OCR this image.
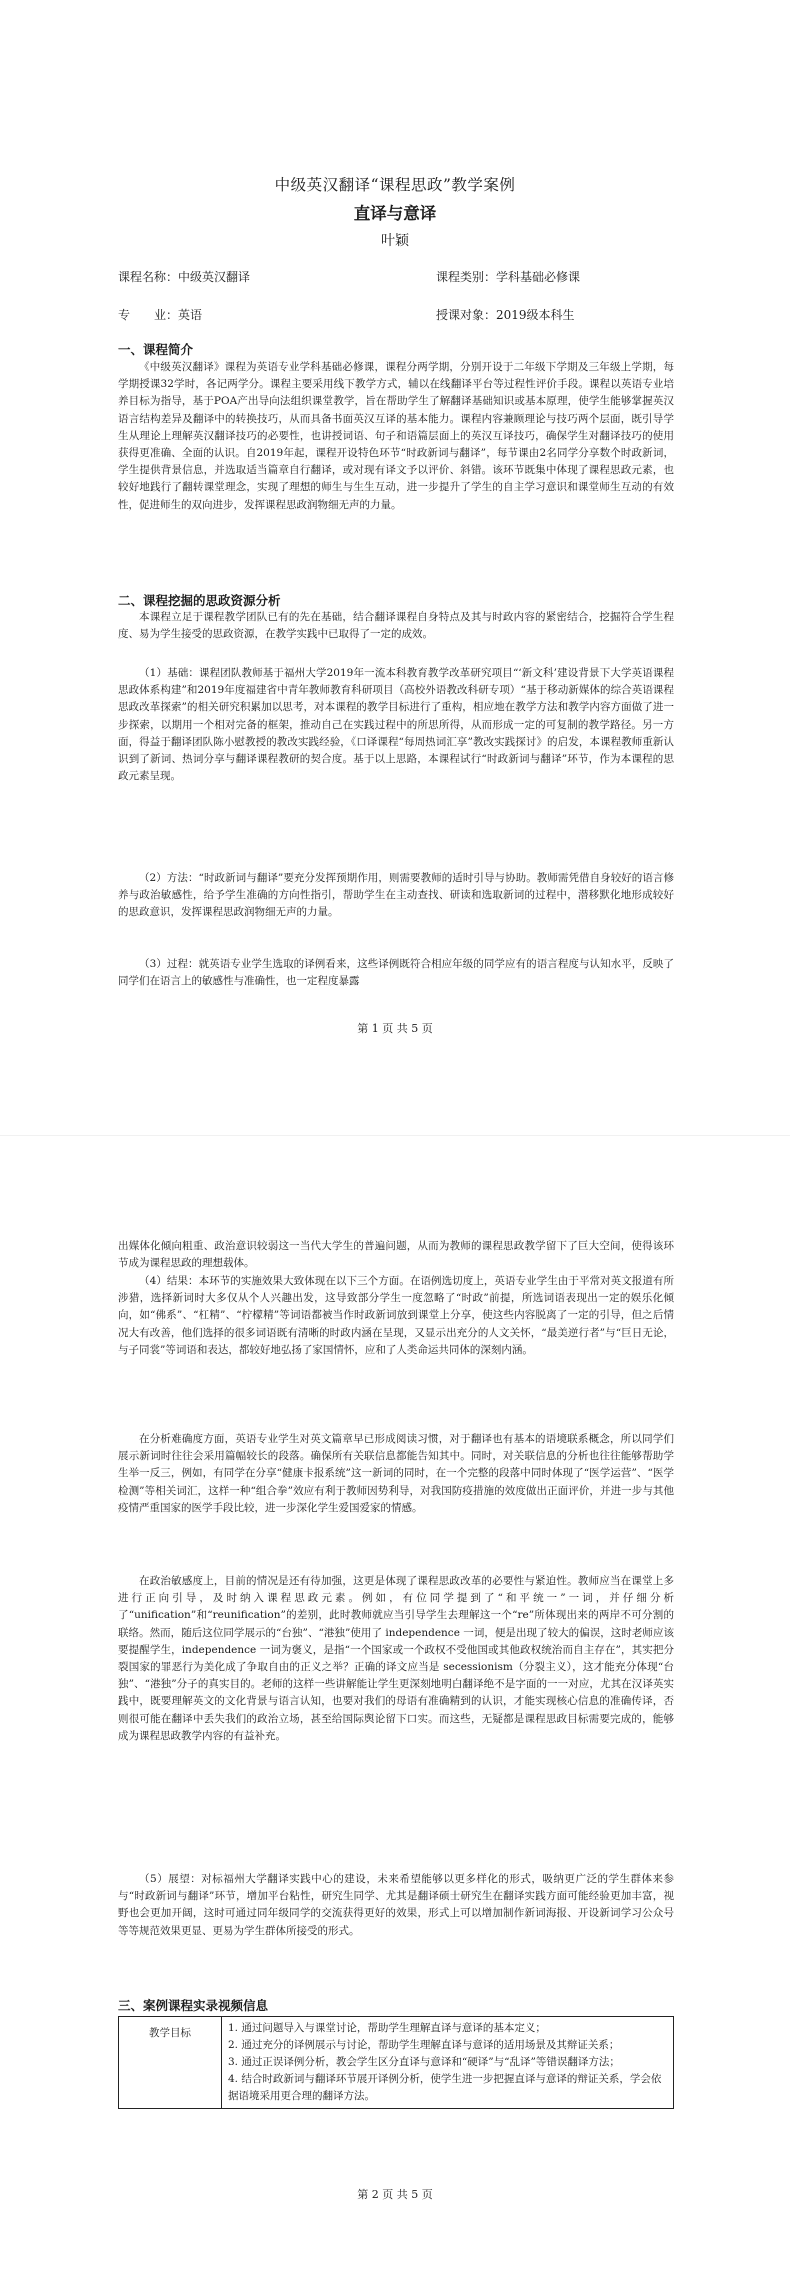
中级英汉翻译“课程思政”教学案例
直译与意译
叶颖
课程名称：中级英汉翻译	课程类别：学科基础必修课
专　　业：英语	授课对象：2019级本科生
一、课程简介

《中级英汉翻译》课程为英语专业学科基础必修课，课程分两学期，分别开设于二年级下学期及三年级上学期，每学期授课32学时，各记两学分。课程主要采用线下教学方式，辅以在线翻译平台等过程性评价手段。课程以英语专业培养目标为指导，基于POA产出导向法组织课堂教学，旨在帮助学生了解翻译基础知识或基本原理，使学生能够掌握英汉语言结构差异及翻译中的转换技巧，从而具备书面英汉互译的基本能力。课程内容兼顾理论与技巧两个层面，既引导学生从理论上理解英汉翻译技巧的必要性，也讲授词语、句子和语篇层面上的英汉互译技巧，确保学生对翻译技巧的使用获得更准确、全面的认识。自2019年起，课程开设特色环节“时政新词与翻译”，每节课由2名同学分享数个时政新词，学生提供背景信息，并选取适当篇章自行翻译，或对现有译文予以评价、斜错。该环节既集中体现了课程思政元素，也较好地践行了翻转课堂理念，实现了理想的师生与生生互动，进一步提升了学生的自主学习意识和课堂师生互动的有效性，促进师生的双向进步，发挥课程思政润物细无声的力量。

二、课程挖掘的思政资源分析

本课程立足于课程教学团队已有的先在基础，结合翻译课程自身特点及其与时政内容的紧密结合，挖掘符合学生程度、易为学生接受的思政资源，在教学实践中已取得了一定的成效。

（1）基础：课程团队教师基于福州大学2019年一流本科教育教学改革研究项目“‘新文科’建设背景下大学英语课程思政体系构建”和2019年度福建省中青年教师教育科研项目（高校外语教改科研专项）“基于移动新媒体的综合英语课程思政改革探索”的相关研究积累加以思考，对本课程的教学目标进行了重构，相应地在教学方法和教学内容方面做了进一步探索，以期用一个相对完备的框架，推动自己在实践过程中的所思所得，从而形成一定的可复制的教学路径。另一方面，得益于翻译团队陈小慰教授的教改实践经验，《口译课程“每周热词汇享”教改实践探讨》的启发，本课程教师重新认识到了新词、热词分享与翻译课程教研的契合度。基于以上思路，本课程试行“时政新词与翻译”环节，作为本课程的思政元素呈现。

（2）方法：“时政新词与翻译”要充分发挥预期作用，则需要教师的适时引导与协助。教师需凭借自身较好的语言修养与政治敏感性，给予学生准确的方向性指引，帮助学生在主动查找、研读和选取新词的过程中，潜移默化地形成较好的思政意识，发挥课程思政润物细无声的力量。

（3）过程：就英语专业学生选取的译例看来，这些译例既符合相应年级的同学应有的语言程度与认知水平，反映了同学们在语言上的敏感性与准确性，也一定程度暴露

第 1 页 共 5 页

出媒体化倾向粗重、政治意识较弱这一当代大学生的普遍问题，从而为教师的课程思政教学留下了巨大空间，使得该环节成为课程思政的理想载体。

（4）结果：本环节的实施效果大致体现在以下三个方面。在语例选切度上，英语专业学生由于平常对英文报道有所涉猎，选择新词时大多仅从个人兴趣出发，这导致部分学生一度忽略了“时政”前提，所选词语表现出一定的娱乐化倾向，如“佛系”、“杠精”、“柠檬精”等词语都被当作时政新词放到课堂上分享，使这些内容脱离了一定的引导，但之后情况大有改善，他们选择的很多词语既有清晰的时政内涵在呈现，又显示出充分的人文关怀，“最美逆行者”与“巨日无论，与子同裳”等词语和表达，都较好地弘扬了家国情怀，应和了人类命运共同体的深刻内涵。

在分析难确度方面，英语专业学生对英文篇章早已形成阅读习惯，对于翻译也有基本的语境联系概念，所以同学们展示新词时往往会采用篇幅较长的段落。确保所有关联信息都能告知其中。同时，对关联信息的分析也往往能够帮助学生举一反三，例如，有同学在分享“健康卡报系统”这一新词的同时，在一个完整的段落中同时体现了“医学运营”、“医学检测”等相关词汇，这样一种“组合拳”效应有利于教师因势利导，对我国防疫措施的效度做出正面评价，并进一步与其他疫情严重国家的医学手段比较，进一步深化学生爱国爱家的情感。

在政治敏感度上，目前的情况是还有待加强，这更是体现了课程思政改革的必要性与紧迫性。教师应当在课堂上多进行正向引导，及时纳入课程思政元素。例如，有位同学提到了“和平统一”一词，并仔细分析了“unification”和“reunification”的差别，此时教师就应当引导学生去理解这一个“re”所体现出来的两岸不可分割的联络。然而，随后这位同学展示的“台独”、“港独”使用了 independence 一词，便是出现了较大的偏误，这时老师应该要提醒学生，independence 一词为褒义，是指“一个国家或一个政权不受他国或其他政权统治而自主存在”，其实把分裂国家的罪恶行为美化成了争取自由的正义之举？正确的译文应当是 secessionism（分裂主义），这才能充分体现“台独”、“港独”分子的真实目的。老师的这样一些讲解能让学生更深刻地明白翻译绝不是字面的一一对应，尤其在汉译英实践中，既要理解英文的文化背景与语言认知，也要对我们的母语有准确精到的认识，才能实现核心信息的准确传译，否则很可能在翻译中丢失我们的政治立场，甚至给国际舆论留下口实。而这些，无疑都是课程思政目标需要完成的，能够成为课程思政教学内容的有益补充。

（5）展望：对标福州大学翻译实践中心的建设，未来希望能够以更多样化的形式，吸纳更广泛的学生群体来参与“时政新词与翻译”环节，增加平台粘性，研究生同学、尤其是翻译硕士研究生在翻译实践方面可能经验更加丰富，视野也会更加开阔，这时可通过同年级同学的交流获得更好的效果，形式上可以增加制作新词海报、开设新词学习公众号等等规范效果更显、更易为学生群体所接受的形式。

三、案例课程实录视频信息
教学目标	1. 通过问题导入与课堂讨论，帮助学生理解直译与意译的基本定义；
2. 通过充分的译例展示与讨论，帮助学生理解直译与意译的适用场景及其辩证关系；
3. 通过正误译例分析，教会学生区分直译与意译和“硬译”与“乱译”等错误翻译方法；
4. 结合时政新词与翻译环节展开译例分析，使学生进一步把握直译与意译的辩证关系，学会依据语境采用更合理的翻译方法。
第 2 页 共 5 页
